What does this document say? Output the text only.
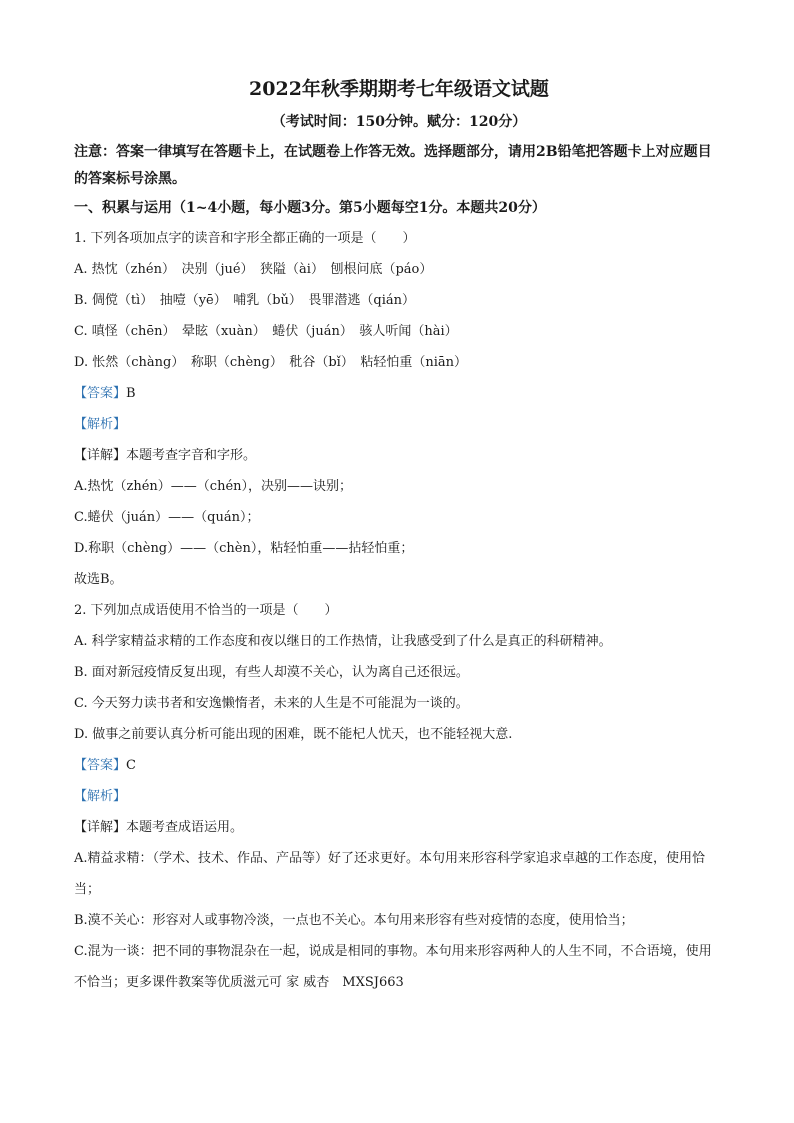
2022年秋季期期考七年级语文试题
（考试时间：150分钟。赋分：120分）
注意：答案一律填写在答题卡上，在试题卷上作答无效。选择题部分，请用2B铅笔把答题卡上对应题目的答案标号涂黑。
一、积累与运用（1~4小题，每小题3分。第5小题每空1分。本题共20分）
1. 下列各项加点字的读音和字形全都正确的一项是（　　）
A. 热忱（zhén）　决别（jué）　狭隘（ài）　刨根问底（páo）
B. 倜傥（tì）　抽噎（yē）　哺乳（bǔ）　畏罪潜逃（qián）
C. 嗔怪（chēn）　晕眩（xuàn）　蜷伏（juán）　骇人听闻（hài）
D. 怅然（chàng）　称职（chèng）　秕谷（bǐ）　粘轻怕重（niān）
【答案】B
【解析】
【详解】本题考查字音和字形。
A.热忱（zhén）——（chén），决别——诀别；
C.蜷伏（juán）——（quán）；
D.称职（chèng）——（chèn），粘轻怕重——拈轻怕重；
故选B。
2. 下列加点成语使用不恰当的一项是（　　）
A. 科学家精益求精的工作态度和夜以继日的工作热情，让我感受到了什么是真正的科研精神。
B. 面对新冠疫情反复出现，有些人却漠不关心，认为离自己还很远。
C. 今天努力读书者和安逸懒惰者，未来的人生是不可能混为一谈的。
D. 做事之前要认真分析可能出现的困难，既不能杞人忧天，也不能轻视大意.
【答案】C
【解析】
【详解】本题考查成语运用。
A.精益求精：（学术、技术、作品、产品等）好了还求更好。本句用来形容科学家追求卓越的工作态度，使用恰当；
B.漠不关心：形容对人或事物冷淡，一点也不关心。本句用来形容有些对疫情的态度，使用恰当；
C.混为一谈：把不同的事物混杂在一起，说成是相同的事物。本句用来形容两种人的人生不同，不合语境，使用不恰当；更多课件教案等优质滋元可 家 威杏　MXSJ663
